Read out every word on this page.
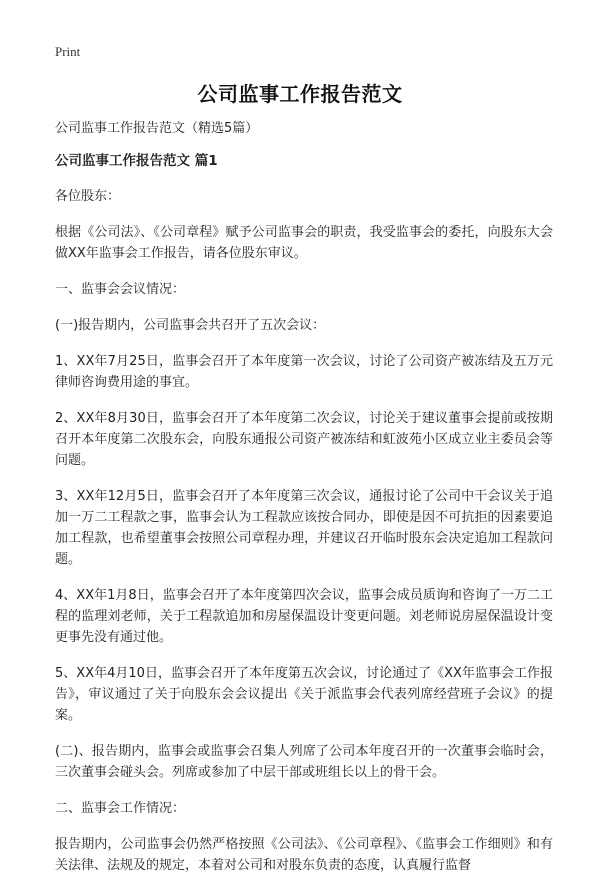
Print
公司监事工作报告范文

公司监事工作报告范文（精选5篇）

公司监事工作报告范文 篇1

各位股东：

根据《公司法》、《公司章程》赋予公司监事会的职责，我受监事会的委托，向股东大会做XX年监事会工作报告，请各位股东审议。

一、监事会会议情况：

(一)报告期内，公司监事会共召开了五次会议：

1、XX年7月25日，监事会召开了本年度第一次会议，讨论了公司资产被冻结及五万元律师咨询费用途的事宜。

2、XX年8月30日，监事会召开了本年度第二次会议，讨论关于建议董事会提前或按期召开本年度第二次股东会，向股东通报公司资产被冻结和虹波苑小区成立业主委员会等问题。

3、XX年12月5日，监事会召开了本年度第三次会议，通报讨论了公司中干会议关于追加一万二工程款之事，监事会认为工程款应该按合同办，即使是因不可抗拒的因素要追加工程款，也希望董事会按照公司章程办理，并建议召开临时股东会决定追加工程款问题。

4、XX年1月8日，监事会召开了本年度第四次会议，监事会成员质询和咨询了一万二工程的监理刘老师，关于工程款追加和房屋保温设计变更问题。刘老师说房屋保温设计变更事先没有通过他。

5、XX年4月10日，监事会召开了本年度第五次会议，讨论通过了《XX年监事会工作报告》，审议通过了关于向股东会会议提出《关于派监事会代表列席经营班子会议》的提案。

(二)、报告期内，监事会或监事会召集人列席了公司本年度召开的一次董事会临时会，三次董事会碰头会。列席或参加了中层干部或班组长以上的骨干会。

二、监事会工作情况：

报告期内，公司监事会仍然严格按照《公司法》、《公司章程》、《监事会工作细则》和有关法律、法规及的规定，本着对公司和对股东负责的态度，认真履行监督
